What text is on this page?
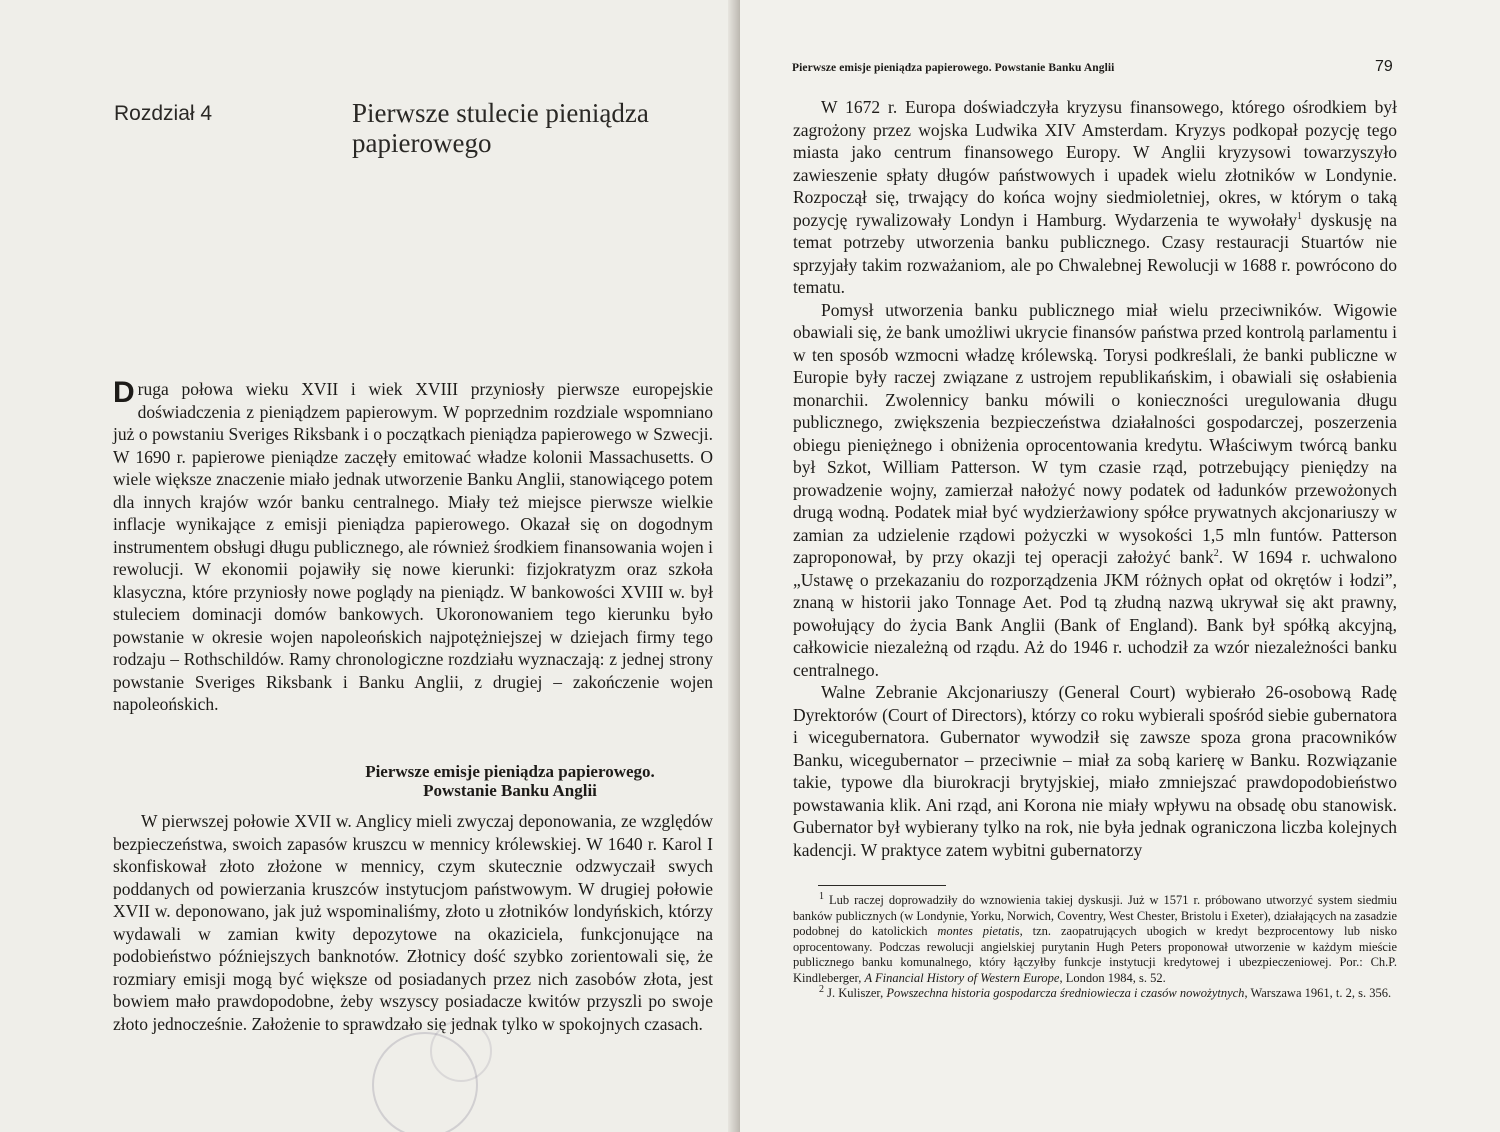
Rozdział 4	Pierwsze stulecie pieniądza papierowego
Druga połowa wieku XVII i wiek XVIII przyniosły pierwsze europejskie doświadczenia z pieniądzem papierowym. W poprzednim rozdziale wspomniano już o powstaniu Sveriges Riksbank i o początkach pieniądza papierowego w Szwecji. W 1690 r. papierowe pieniądze zaczęły emitować władze kolonii Massachusetts. O wiele większe znaczenie miało jednak utworzenie Banku Anglii, stanowiącego potem dla innych krajów wzór banku centralnego. Miały też miejsce pierwsze wielkie inflacje wynikające z emisji pieniądza papierowego. Okazał się on dogodnym instrumentem obsługi długu publicznego, ale również środkiem finansowania wojen i rewolucji. W ekonomii pojawiły się nowe kierunki: fizjokratyzm oraz szkoła klasyczna, które przyniosły nowe poglądy na pieniądz. W bankowości XVIII w. był stuleciem dominacji domów bankowych. Ukoronowaniem tego kierunku było powstanie w okresie wojen napoleońskich najpotężniejszej w dziejach firmy tego rodzaju – Rothschildów. Ramy chronologiczne rozdziału wyznaczają: z jednej strony powstanie Sveriges Riksbank i Banku Anglii, z drugiej – zakończenie wojen napoleońskich.
Pierwsze emisje pieniądza papierowego.
Powstanie Banku Anglii
W pierwszej połowie XVII w. Anglicy mieli zwyczaj deponowania, ze względów bezpieczeństwa, swoich zapasów kruszcu w mennicy królewskiej. W 1640 r. Karol I skonfiskował złoto złożone w mennicy, czym skutecznie odzwyczaił swych poddanych od powierzania kruszców instytucjom państwowym. W drugiej połowie XVII w. deponowano, jak już wspominaliśmy, złoto u złotników londyńskich, którzy wydawali w zamian kwity depozytowe na okaziciela, funkcjonujące na podobieństwo późniejszych banknotów. Złotnicy dość szybko zorientowali się, że rozmiary emisji mogą być większe od posiadanych przez nich zasobów złota, jest bowiem mało prawdopodobne, żeby wszyscy posiadacze kwitów przyszli po swoje złoto jednocześnie. Założenie to sprawdzało się jednak tylko w spokojnych czasach.
Pierwsze emisje pieniądza papierowego. Powstanie Banku Anglii	79

W 1672 r. Europa doświadczyła kryzysu finansowego, którego ośrodkiem był zagrożony przez wojska Ludwika XIV Amsterdam. Kryzys podkopał pozycję tego miasta jako centrum finansowego Europy. W Anglii kryzysowi towarzyszyło zawieszenie spłaty długów państwowych i upadek wielu złotników w Londynie. Rozpoczął się, trwający do końca wojny siedmioletniej, okres, w którym o taką pozycję rywalizowały Londyn i Hamburg. Wydarzenia te wywołały$^1$ dyskusję na temat potrzeby utworzenia banku publicznego. Czasy restauracji Stuartów nie sprzyjały takim rozważaniom, ale po Chwalebnej Rewolucji w 1688 r. powrócono do tematu.

Pomysł utworzenia banku publicznego miał wielu przeciwników. Wigowie obawiali się, że bank umożliwi ukrycie finansów państwa przed kontrolą parlamentu i w ten sposób wzmocni władzę królewską. Torysi podkreślali, że banki publiczne w Europie były raczej związane z ustrojem republikańskim, i obawiali się osłabienia monarchii. Zwolennicy banku mówili o konieczności uregulowania długu publicznego, zwiększenia bezpieczeństwa działalności gospodarczej, poszerzenia obiegu pieniężnego i obniżenia oprocentowania kredytu. Właściwym twórcą banku był Szkot, William Patterson. W tym czasie rząd, potrzebujący pieniędzy na prowadzenie wojny, zamierzał nałożyć nowy podatek od ładunków przewożonych drugą wodną. Podatek miał być wydzierżawiony spółce prywatnych akcjonariuszy w zamian za udzielenie rządowi pożyczki w wysokości 1,5 mln funtów. Patterson zaproponował, by przy okazji tej operacji założyć bank$^2$. W 1694 r. uchwalono „Ustawę o przekazaniu do rozporządzenia JKM różnych opłat od okrętów i łodzi”, znaną w historii jako Tonnage Aet. Pod tą złudną nazwą ukrywał się akt prawny, powołujący do życia Bank Anglii (Bank of England). Bank był spółką akcyjną, całkowicie niezależną od rządu. Aż do 1946 r. uchodził za wzór niezależności banku centralnego.

Walne Zebranie Akcjonariuszy (General Court) wybierało 26-osobową Radę Dyrektorów (Court of Directors), którzy co roku wybierali spośród siebie gubernatora i wicegubernatora. Gubernator wywodził się zawsze spoza grona pracowników Banku, wicegubernator – przeciwnie – miał za sobą karierę w Banku. Rozwiązanie takie, typowe dla biurokracji brytyjskiej, miało zmniejszać prawdopodobieństwo powstawania klik. Ani rząd, ani Korona nie miały wpływu na obsadę obu stanowisk. Gubernator był wybierany tylko na rok, nie była jednak ograniczona liczba kolejnych kadencji. W praktyce zatem wybitni gubernatorzy

$^1$ Lub raczej doprowadziły do wznowienia takiej dyskusji. Już w 1571 r. próbowano utworzyć system siedmiu banków publicznych (w Londynie, Yorku, Norwich, Coventry, West Chester, Bristolu i Exeter), działających na zasadzie podobnej do katolickich montes pietatis, tzn. zaopatrujących ubogich w kredyt bezprocentowy lub nisko oprocentowany. Podczas rewolucji angielskiej purytanin Hugh Peters proponował utworzenie w każdym mieście publicznego banku komunalnego, który łączyłby funkcje instytucji kredytowej i ubezpieczeniowej. Por.: Ch.P. Kindleberger, A Financial History of Western Europe, London 1984, s. 52.

$^2$ J. Kuliszer, Powszechna historia gospodarcza średniowiecza i czasów nowożytnych, Warszawa 1961, t. 2, s. 356.
